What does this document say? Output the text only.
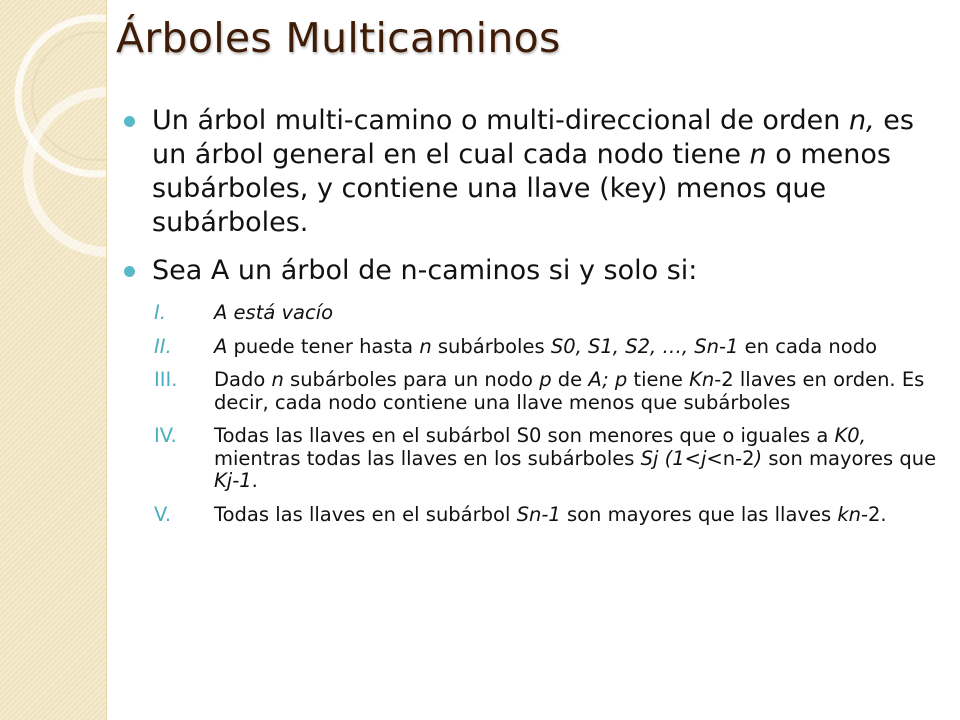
Árboles Multicaminos
Un árbol multi-camino o multi-direccional de orden n, es un árbol general en el cual cada nodo tiene n o menos subárboles, y contiene una llave (key) menos que subárboles.
Sea A un árbol de n-caminos si y solo si:
I. A está vacío
II. A puede tener hasta n subárboles S0, S1, S2, …, Sn-1 en cada nodo
III. Dado n subárboles para un nodo p de A; p tiene Kn-2 llaves en orden. Es decir, cada nodo contiene una llave menos que subárboles
IV. Todas las llaves en el subárbol S0 son menores que o iguales a K0, mientras todas las llaves en los subárboles Sj (1<j<n-2) son mayores que Kj-1.
V. Todas las llaves en el subárbol Sn-1 son mayores que las llaves kn-2.
